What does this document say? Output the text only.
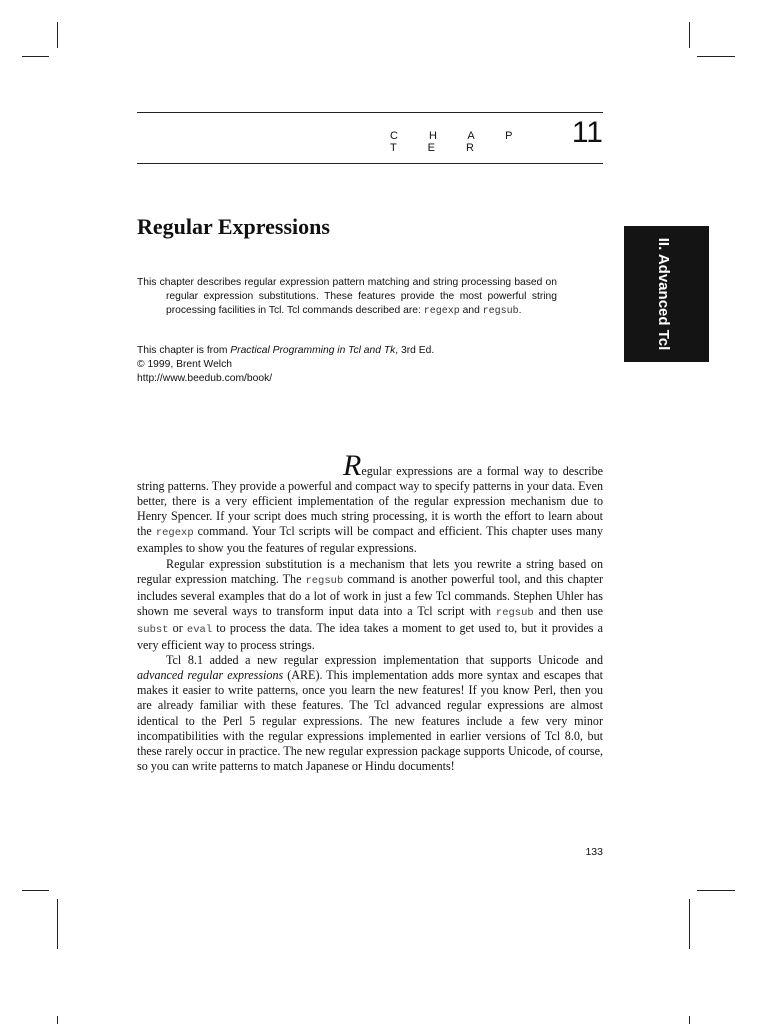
C H A P T E R	11
Regular Expressions
II. Advanced Tcl
This chapter describes regular expression pattern matching and string processing based on regular expression substitutions. These features provide the most powerful string processing facilities in Tcl. Tcl commands described are: regexp and regsub.
This chapter is from Practical Programming in Tcl and Tk, 3rd Ed.
© 1999, Brent Welch
http://www.beedub.com/book/

Regular expressions are a formal way to describe string patterns. They provide a powerful and compact way to specify patterns in your data. Even better, there is a very efficient implementation of the regular expression mechanism due to Henry Spencer. If your script does much string processing, it is worth the effort to learn about the regexp command. Your Tcl scripts will be compact and efficient. This chapter uses many examples to show you the features of regular expressions.

Regular expression substitution is a mechanism that lets you rewrite a string based on regular expression matching. The regsub command is another powerful tool, and this chapter includes several examples that do a lot of work in just a few Tcl commands. Stephen Uhler has shown me several ways to transform input data into a Tcl script with regsub and then use subst or eval to process the data. The idea takes a moment to get used to, but it provides a very efficient way to process strings.

Tcl 8.1 added a new regular expression implementation that supports Unicode and advanced regular expressions (ARE). This implementation adds more syntax and escapes that makes it easier to write patterns, once you learn the new features! If you know Perl, then you are already familiar with these features. The Tcl advanced regular expressions are almost identical to the Perl 5 regular expressions. The new features include a few very minor incompatibilities with the regular expressions implemented in earlier versions of Tcl 8.0, but these rarely occur in practice. The new regular expression package supports Unicode, of course, so you can write patterns to match Japanese or Hindu documents!

133
